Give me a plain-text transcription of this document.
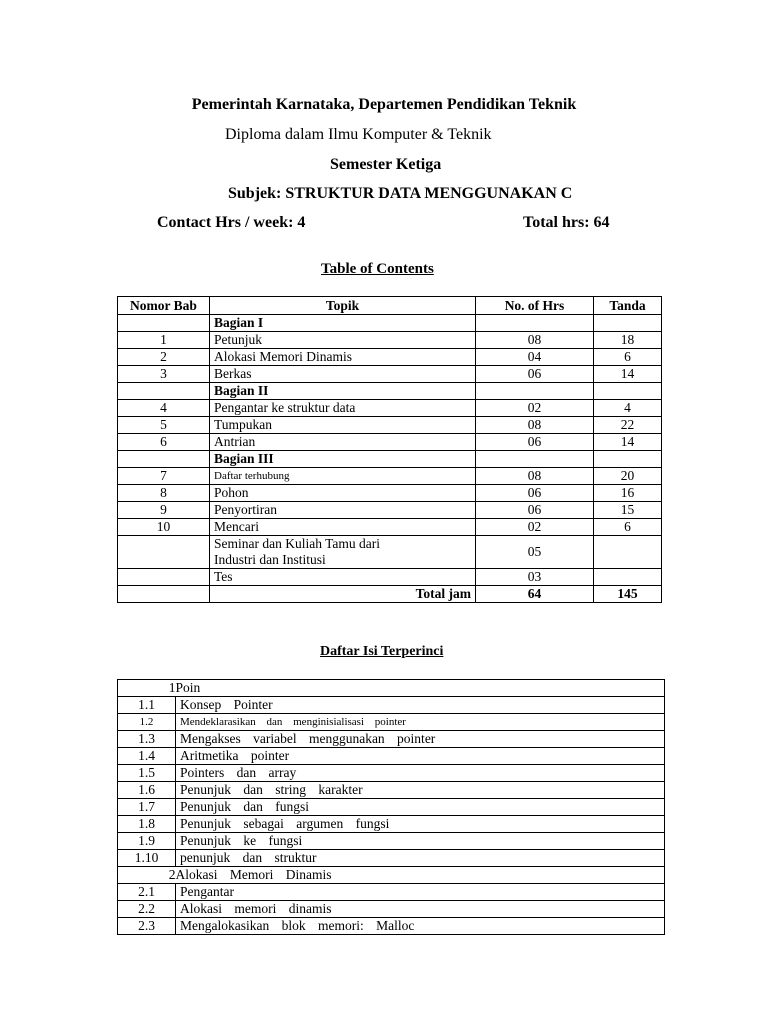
Pemerintah Karnataka, Departemen Pendidikan Teknik
Diploma dalam Ilmu Komputer & Teknik
Semester Ketiga
Subjek: STRUKTUR DATA MENGGUNAKAN C
Contact Hrs / week: 4	Total hrs: 64
Table of Contents
Nomor Bab	Topik	No. of Hrs	Tanda
	Bagian I		
1	Petunjuk	08	18
2	Alokasi Memori Dinamis	04	6
3	Berkas	06	14
	Bagian II		
4	Pengantar ke struktur data	02	4
5	Tumpukan	08	22
6	Antrian	06	14
	Bagian III		
7	Daftar terhubung	08	20
8	Pohon	06	16
9	Penyortiran	06	15
10	Mencari	02	6

	Seminar dan Kuliah Tamu dari
Industri dan Institusi	05	
	Tes	03	
	Total jam	64	145
Daftar Isi Terperinci
1	Poin
1.1	Konsep Pointer
1.2	Mendeklarasikan dan menginisialisasi pointer
1.3	Mengakses variabel menggunakan pointer
1.4	Aritmetika pointer
1.5	Pointers dan array
1.6	Penunjuk dan string karakter
1.7	Penunjuk dan fungsi
1.8	Penunjuk sebagai argumen fungsi
1.9	Penunjuk ke fungsi
1.10	penunjuk dan struktur
2	Alokasi Memori Dinamis
2.1	Pengantar
2.2	Alokasi memori dinamis
2.3	Mengalokasikan blok memori: Malloc
